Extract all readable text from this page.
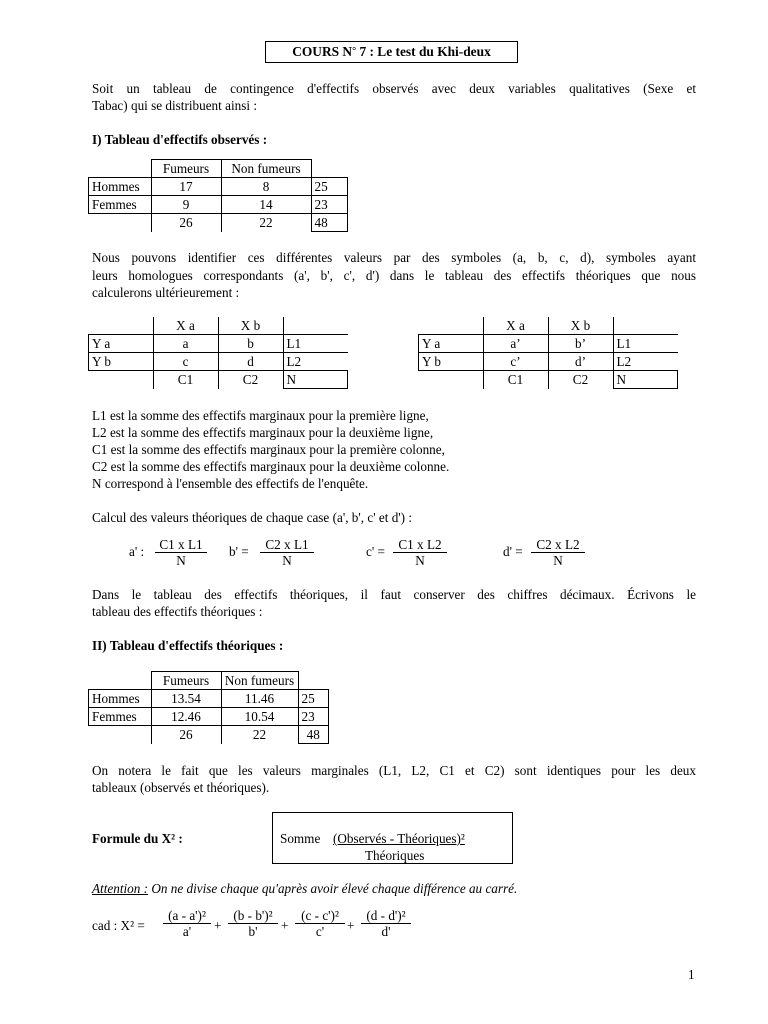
COURS N° 7 : Le test du Khi-deux
Soit un tableau de contingence d'effectifs observés avec deux variables qualitatives (Sexe et
Tabac) qui se distribuent ainsi :
I) Tableau d'effectifs observés :
	Fumeurs	Non fumeurs	
Hommes	17	8	25
Femmes	9	14	23
	26	22	48
Nous pouvons identifier ces différentes valeurs par des symboles (a, b, c, d), symboles ayant
leurs homologues correspondants (a', b', c', d') dans le tableau des effectifs théoriques que nous
calculerons ultérieurement :
	X a	X b	
Y a	a	b	L1
Y b	c	d	L2
	C1	C2	N
	X a	X b	
Y a	a’	b’	L1
Y b	c’	d’	L2
	C1	C2	N
L1 est la somme des effectifs marginaux pour la première ligne,
L2 est la somme des effectifs marginaux pour la deuxième ligne,
C1 est la somme des effectifs marginaux pour la première colonne,
C2 est la somme des effectifs marginaux pour la deuxième colonne.
N correspond à l'ensemble des effectifs de l'enquête.
Calcul des valeurs théoriques de chaque case (a', b', c' et d') :
a' : $\frac{\text{C1 x L1}}{N} b' = \frac{\text{C2 x L1}}{N}$	$c' = \frac{\text{C1 x L2}}{N}$	$d' = \frac{\text{C2 x L2}}{N}$
Dans le tableau des effectifs théoriques, il faut conserver des chiffres décimaux. Écrivons le
tableau des effectifs théoriques :
II) Tableau d'effectifs théoriques :
	Fumeurs	Non fumeurs	
Hommes	13.54	11.46	25
Femmes	12.46	10.54	23
	26	22	48
On notera le fait que les valeurs marginales (L1, L2, C1 et C2) sont identiques pour les deux
tableaux (observés et théoriques).
Formule du X² :	Somme (Observés - Théoriques)²
Théoriques
Attention : On ne divise chaque qu'après avoir élevé chaque différence au carré.
cad : $X^2 = \frac{\text{(a - a')²}}{a'} + \frac{\text{(b - b')²}}{b'} + \frac{\text{(c - c')²}}{c'} + \frac{\text{(d - d')²}}{d'}$
1
